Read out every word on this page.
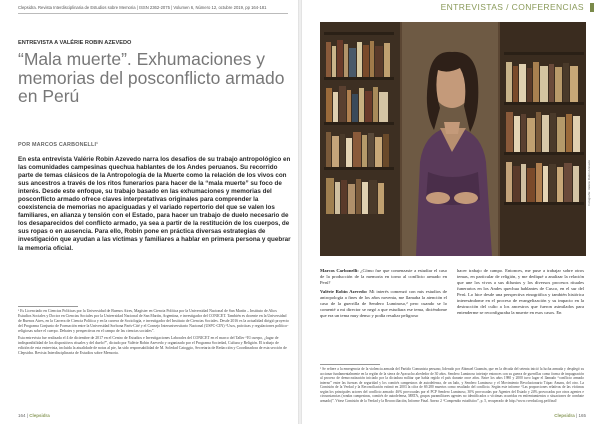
Clepsidra. Revista Interdisciplinaria de Estudios sobre Memoria | ISSN 2362-2075 | Volumen 6, Número 12, octubre 2019, pp 164-181
ENTREVISTA A VALÉRIE ROBIN AZEVEDO
“Mala muerte”. Exhumaciones y memorias del posconflicto armado en Perú
POR MARCOS CARBONELLI¹

En esta entrevista Valérie Robin Azevedo narra los desafíos de su trabajo antropológico en las comunidades campesinas quechua hablantes de los Andes peruanos. Su recorrido parte de temas clásicos de la Antropología de la Muerte como la relación de los vivos con sus ancestros a través de los ritos funerarios para hacer de la “mala muerte” su foco de interés. Desde este enfoque, su trabajo basado en las exhumaciones y memorias del posconflicto armado ofrece claves interpretativas originales para comprender la coexistencia de memorias no apaciguadas y el variado repertorio del que se valen los familiares, en alianza y tensión con el Estado, para hacer un trabajo de duelo necesario de los desaparecidos del conflicto armado, ya sea a partir de la restitución de los cuerpos, de sus ropas o en ausencia. Para ello, Robin pone en práctica diversas estrategias de investigación que ayudan a las víctimas y familiares a hablar en primera persona y quebrar la memoria oficial.

¹ Es Licenciado en Ciencias Políticas por la Universidad de Buenos Aires, Magíster en Ciencia Política por la Universidad Nacional de San Martín – Instituto de Altos Estudios Sociales y Doctor en Ciencias Sociales por la Universidad Nacional de San Martín, Argentina, e investigador del CONICET. También es docente en la Universidad de Buenos Aires, en la Carrera de Ciencia Política y en la carrera de Sociología, e investigador del Instituto de Ciencias Sociales. Desde 2016 es la actualidad dirigió proyecto del Programa Conjunto de Formación entre la Universidad Sorbona París-Cité y el Consejo Interuniversitario Nacional (USPC-CIN) “Usos, prácticas y regulaciones político-religiosas sobre el cuerpo. Debates y perspectivas en el campo de las ciencias sociales”.

Esta entrevista fue realizada el 4 de diciembre de 2017 en el Centro de Estudios e Investigaciones Laborales del CONICET en el marco del Taller “El cuerpo, ¿lugar de indisponibilidad de los dispositivos rituales y del duelo?”, dictado por Valérie Robin Azevedo y organizado por el Programa Sociedad, Cultura y Religión. El trabajo de edición de esta entrevista, incluida la atualidade de notas al pie, ha sido responsabilidad de M. Soledad Catoggio, Secretaria de Redacción y Coordinadora de esta sección de Clepsidra. Revista Interdisciplinaria de Estudios sobre Memoria.

164 | Clepsidra
ENTREVISTAS / CONFERENCIAS
Fotografía: Valérie Robin Azevedo

Marcos Carbonelli: ¿Cómo fue que comenzaste a estudiar el caso de la producción de la memoria en torno al conflicto armado en Perú?

Valérie Robin Azevedo: Mi interés comenzó con mis estudios de antropología a fines de los años noventa, me llamaba la atención el caso de la guerrilla de Sendero Luminoso,² pero cuando se lo comenté a mi director se negó a que estudiara ese tema, diciéndome que era un tema muy denso y podía resultar peligroso

hacer trabajo de campo. Entonces, me puse a trabajar sobre otros temas, en particular de religión, y me dediqué a analizar la relación que une los vivos a sus difuntos y los diversos procesos rituales funerarios en los Andes quechua hablantes de Cusco, en el sur del Perú. Lo hice desde una perspectiva etnográfica y también histórica interesándome en el proceso de evangelización y su impacto en la destrucción del culto a los ancestros que fueron asimilados para entenderme se reconfiguraba la muerte en esos casos. En

² Se refiere a la emergencia de la violencia armada del Partido Comunista peruano, liderado por Abimael Guzmán, que en la década del setenta inició la lucha armada y desplegó su accionar fundamentalmente en la región de la sierra de Ayacucho alrededor de 30 años. Sendero Luminoso inteiraje entonces con su guerra de guerrillas como forma de impugnación al proceso de democratización iniciado por la dictadura militar que había regido el país durante once años. Entre los años 1980 y 2000 tuvo lugar el llamado “conflicto armado interno” entre las fuerzas de seguridad y los comités campesinos de autodefensa, de un lado, y Sendero Luminoso y el Movimiento Revolucionario Túpac Amaru, del otro. La Comisión de la Verdad y la Reconciliación estimó en 2003 la cifra de 69.280 muertos como resultado del conflicto. Según este informe “Las proporciones relativas de las víctimas según los principales actores del conflicto armado: 46% provocadas por el PCP Sendero Luminoso, 30% provocadas por Agentes del Estado y 24% provocadas por otros agentes e circunstancias (rondas campesinas, comités de autodefensa, MRTA, grupos paramilitares agentes no identificados o víctimas ocurridas en enfrentamientos o situaciones de combate armado)”. Véase Comisión de la Verdad y la Reconciliación, Informe Final. Anexo 2 “Compendio estadístico”, p. 5, recuperado de http://www.cverdad.org.pe/ifinal/

Clepsidra | 165
